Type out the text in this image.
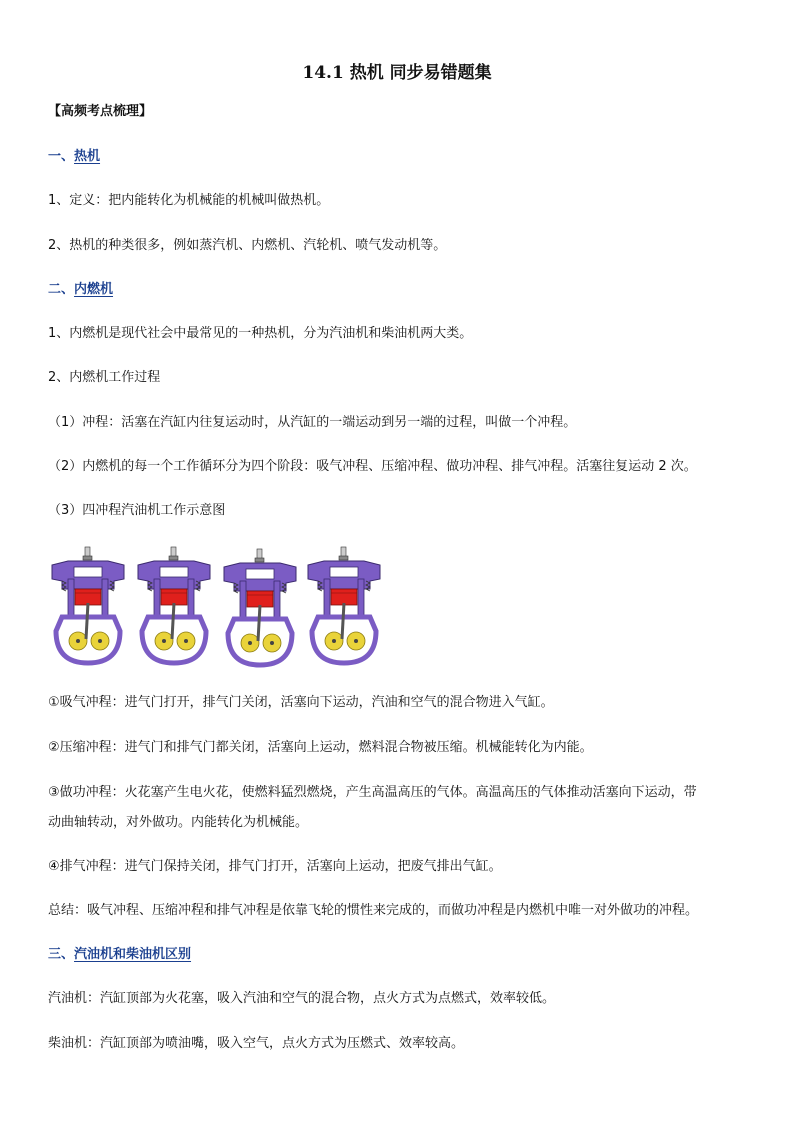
14.1 热机 同步易错题集
【高频考点梳理】
一、热机
1、定义：把内能转化为机械能的机械叫做热机。
2、热机的种类很多，例如蒸汽机、内燃机、汽轮机、喷气发动机等。
二、内燃机
1、内燃机是现代社会中最常见的一种热机，分为汽油机和柴油机两大类。
2、内燃机工作过程
（1）冲程：活塞在汽缸内往复运动时，从汽缸的一端运动到另一端的过程，叫做一个冲程。
（2）内燃机的每一个工作循环分为四个阶段：吸气冲程、压缩冲程、做功冲程、排气冲程。活塞往复运动 2 次。
（3）四冲程汽油机工作示意图
①吸气冲程：进气门打开，排气门关闭，活塞向下运动，汽油和空气的混合物进入气缸。
②压缩冲程：进气门和排气门都关闭，活塞向上运动，燃料混合物被压缩。机械能转化为内能。
③做功冲程：火花塞产生电火花，使燃料猛烈燃烧，产生高温高压的气体。高温高压的气体推动活塞向下运动，带
动曲轴转动，对外做功。内能转化为机械能。
④排气冲程：进气门保持关闭，排气门打开，活塞向上运动，把废气排出气缸。
总结：吸气冲程、压缩冲程和排气冲程是依靠飞轮的惯性来完成的，而做功冲程是内燃机中唯一对外做功的冲程。
三、汽油机和柴油机区别
汽油机：汽缸顶部为火花塞，吸入汽油和空气的混合物，点火方式为点燃式，效率较低。
柴油机：汽缸顶部为喷油嘴，吸入空气，点火方式为压燃式、效率较高。
